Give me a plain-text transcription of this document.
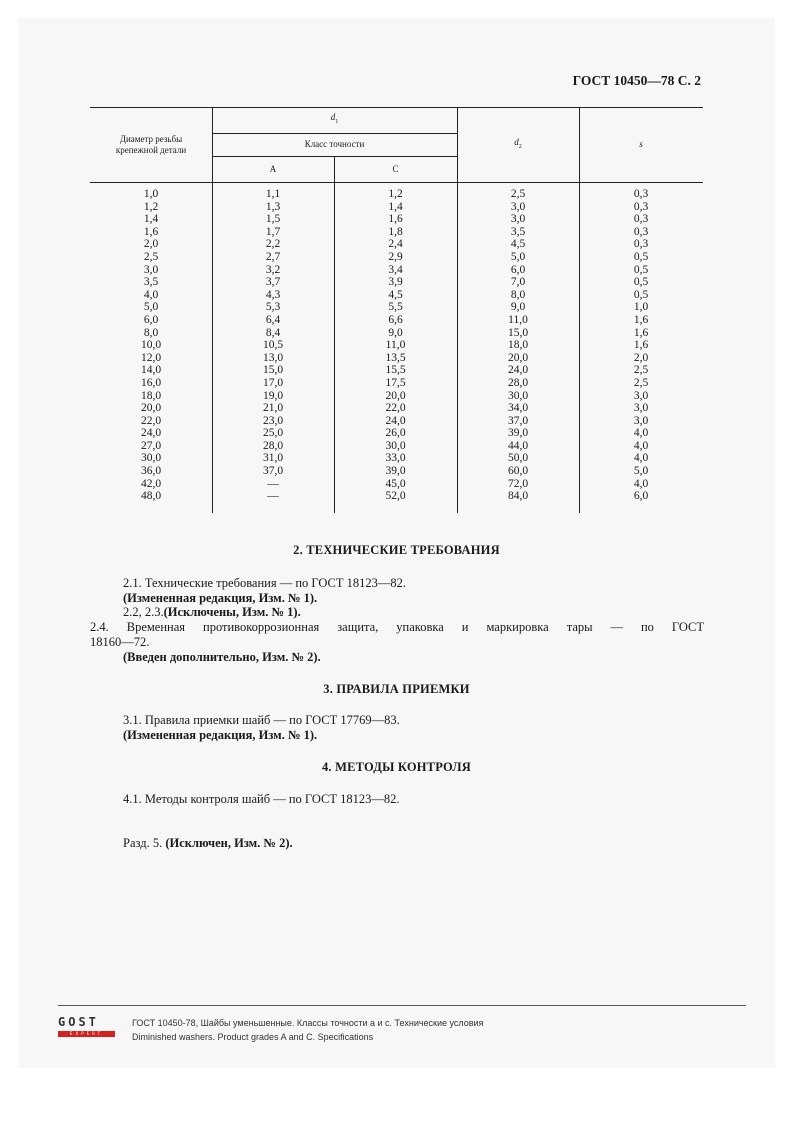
ГОСТ 10450—78 С. 2
Диаметр резьбы крепежной детали
$d_1$
Класс точности
А	С
$d_2$	s
1,0
1,2
1,4
1,6
2,0
2,5
3,0
3,5
4,0
5,0
6,0
8,0
10,0
12,0
14,0
16,0
18,0
20,0
22,0
24,0
27,0
30,0
36,0
42,0
48,0
1,1
1,3
1,5
1,7
2,2
2,7
3,2
3,7
4,3
5,3
6,4
8,4
10,5
13,0
15,0
17,0
19,0
21,0
23,0
25,0
28,0
31,0
37,0
—
—
1,2
1,4
1,6
1,8
2,4
2,9
3,4
3,9
4,5
5,5
6,6
9,0
11,0
13,5
15,5
17,5
20,0
22,0
24,0
26,0
30,0
33,0
39,0
45,0
52,0
2,5
3,0
3,0
3,5
4,5
5,0
6,0
7,0
8,0
9,0
11,0
15,0
18,0
20,0
24,0
28,0
30,0
34,0
37,0
39,0
44,0
50,0
60,0
72,0
84,0
0,3
0,3
0,3
0,3
0,3
0,5
0,5
0,5
0,5
1,0
1,6
1,6
1,6
2,0
2,5
2,5
3,0
3,0
3,0
4,0
4,0
4,0
5,0
4,0
6,0
2. ТЕХНИЧЕСКИЕ ТРЕБОВАНИЯ
2.1. Технические требования — по ГОСТ 18123—82.
(Измененная редакция, Изм. № 1).
2.2, 2.3.(Исключены, Изм. № 1).
2.4. Временная противокоррозионная защита, упаковка и маркировка тары — по ГОСТ
18160—72.
(Введен дополнительно, Изм. № 2).
3. ПРАВИЛА ПРИЕМКИ
3.1. Правила приемки шайб — по ГОСТ 17769—83.
(Измененная редакция, Изм. № 1).
4. МЕТОДЫ КОНТРОЛЯ
4.1. Методы контроля шайб — по ГОСТ 18123—82.
Разд. 5. (Исключен, Изм. № 2).
GOST
EXPERT
ГОСТ 10450-78, Шайбы уменьшенные. Классы точности а и с. Технические условия
Diminished washers. Product grades A and C. Specifications
